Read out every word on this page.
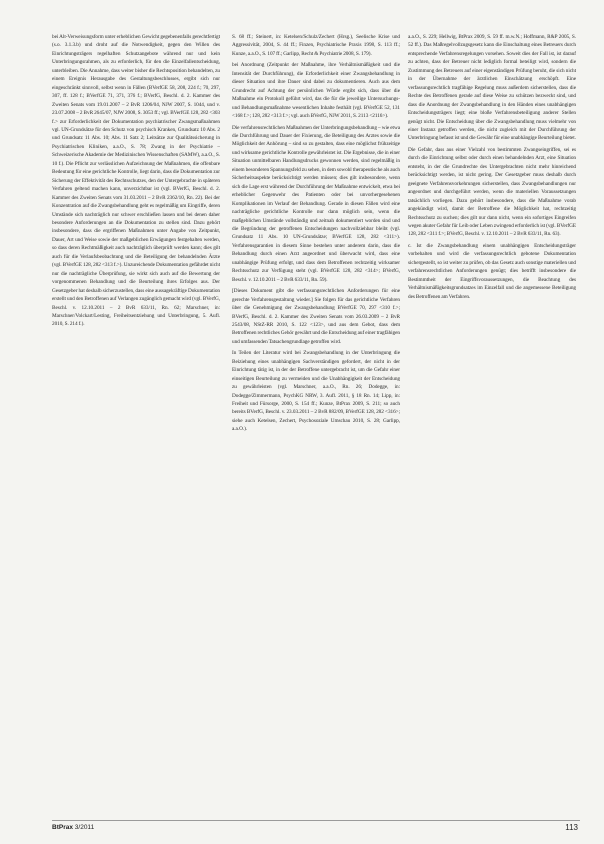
bei Alt-Verweisungsform unter erheblichen Gewicht gegebenenfalls gerechtfertigt (s.o. 3.1.3.b) und droht auf die Notwendigkeit, gegen den Willen des Einrichtungsträgers regelhaften Schutzangebote während nur und kein Unterbringungsrahmen, als zu erforderlich, für den die Einzelfallentscheidung, unterbleiben. Die Annahme, dass weiter bisher die Rechtsposition behandelten, zu einem Ereignis Herausgabe des Gestaltungsbeschlusses, ergibt sich nur eingeschränkt sinnvoll, selbst wenn in Fällen (BVerfGE 58, 208, 224 f.; 70, 297, 307, ff. 128 f.; BVerfGE 71, 371, 376 f.; BVerfG, Beschl. d. 2. Kammer des Zweiten Senats vom 19.01.2007 – 2 BvR 1206/04, NJW 2007, S. 1044, und v. 23.07.2008 – 2 BvR 2645/07, NJW 2008, S. 3053 ff.; vgl. BVerfGE 128, 282 <303 f.> zur Erforderlichkeit der Dokumentation psychiatrischer Zwangsmaßnahmen vgl. UN-Grundsätze für den Schutz von psychisch Kranken, Grundsatz 10 Abs. 2 und Grundsatz 11 Abs. 10; Abs. 11 Satz 2; Leitsätze zur Qualitätssicherung in Psychiatrischen Kliniken, a.a.O., S. 78; Zwang in der Psychiatrie – Schweizerische Akademie der Medizinischen Wissenschaften (SAMW), a.a.O., S. 10 f.). Die Pflicht zur verlässlichen Aufzeichnung der Maßnahmen, die offenbare Bedeutung für eine gerichtliche Kontrolle, liegt darin, dass die Dokumentation zur Sicherung der Effektivität des Rechtsschutzes, den der Untergebrachte in späteren Verfahren geltend machen kann, unverzichtbar ist (vgl. BVerfG, Beschl. d. 2. Kammer des Zweiten Senats vom 31.03.2011 – 2 BvR 2362/10, Rn. 22). Bei der Konzentration auf die Zwangsbehandlung geht es regelmäßig um Eingriffe, deren Umstände sich nachträglich nur schwer erschließen lassen und bei denen daher besondere Anforderungen an die Dokumentation zu stellen sind. Dazu gehört insbesondere, dass die ergriffenen Maßnahmen unter Angabe von Zeitpunkt, Dauer, Art und Weise sowie der maßgeblichen Erwägungen festgehalten werden, so dass deren Rechtmäßigkeit auch nachträglich überprüft werden kann; dies gilt auch für die Verlaufsbeobachtung und die Beteiligung der behandelnden Ärzte (vgl. BVerfGE 128, 282 <313 f.>). Unzureichende Dokumentation gefährdet nicht nur die nachträgliche Überprüfung, sie wirkt sich auch auf die Bewertung der vorgenommenen Behandlung und die Beurteilung ihres Erfolges aus. Der Gesetzgeber hat deshalb sicherzustellen, dass eine aussagekräftige Dokumentation erstellt und den Betroffenen auf Verlangen zugänglich gemacht wird (vgl. BVerfG, Beschl. v. 12.10.2011 – 2 BvR 633/11, Rn. 62; Marschner, in: Marschner/Volckart/Lesting, Freiheitsentziehung und Unterbringung, 5. Aufl. 2010, S. 214 f.).

S. 68 ff.; Steinert, in: Ketelsen/Schulz/Zechert (Hrsg.), Seelische Krise und Aggressivität, 2004, S. 44 ff.; Finzen, Psychiatrische Praxis 1998, S. 113 ff.; Kunze, a.a.O., S. 107 ff.; Garlipp, Recht & Psychiatrie 2008, S. 179).

bei Anordnung (Zeitpunkt der Maßnahme, ihre Verhältnismäßigkeit und die Intensität der Durchführung), die Erforderlichkeit einer Zwangsbehandlung in dieser Situation und ihre Dauer sind dabei zu dokumentieren. Auch aus dem Grundrecht auf Achtung der persönlichen Würde ergibt sich, dass über die Maßnahme ein Protokoll geführt wird, das die für die jeweilige Untersuchungs- und Behandlungsmaßnahme wesentlichen Inhalte festhält (vgl. BVerfGE 52, 131 <168 f.>; 128, 282 <313 f.>; vgl. auch BVerfG, NJW 2011, S. 2113 <2116>).

Die verfahrensrechtlichen Maßnahmen der Unterbringungsbehandlung – wie etwa die Durchführung und Dauer der Fixierung, die Beteiligung des Arztes sowie die Möglichkeit der Anhörung – sind so zu gestalten, dass eine möglichst frühzeitige und wirksame gerichtliche Kontrolle gewährleistet ist. Die Ergebnisse, die in einer Situation unmittelbaren Handlungsdrucks gewonnen werden, sind regelmäßig in einem besonderen Spannungsfeld zu sehen, in dem sowohl therapeutische als auch Sicherheitsaspekte berücksichtigt werden müssen; dies gilt insbesondere, wenn sich die Lage erst während der Durchführung der Maßnahme entwickelt, etwa bei erheblicher Gegenwehr des Patienten oder bei unvorhergesehenen Komplikationen im Verlauf der Behandlung. Gerade in diesen Fällen wird eine nachträgliche gerichtliche Kontrolle nur dann möglich sein, wenn die maßgeblichen Umstände vollständig und zeitnah dokumentiert worden sind und die Begründung der getroffenen Entscheidungen nachvollziehbar bleibt (vgl. Grundsatz 11 Abs. 10 UN-Grundsätze; BVerfGE 128, 282 <311>). Verfahrensgarantien in diesem Sinne bestehen unter anderem darin, dass die Behandlung durch einen Arzt angeordnet und überwacht wird, dass eine unabhängige Prüfung erfolgt, und dass dem Betroffenen rechtzeitig wirksamer Rechtsschutz zur Verfügung steht (vgl. BVerfGE 128, 282 <314>; BVerfG, Beschl. v. 12.10.2011 – 2 BvR 633/11, Rn. 59).

[Dieses Dokument gibt die verfassungsrechtlichen Anforderungen für eine gerechte Verfahrensgestaltung wieder.] Sie folgen für das gerichtliche Verfahren über die Genehmigung der Zwangsbehandlung BVerfGE 70, 297 <310 f.>; BVerfG, Beschl. d. 2. Kammer des Zweiten Senats vom 26.03.2009 – 2 BvR 2543/08, NStZ-RR 2010, S. 122 <123>, und aus dem Gebot, dass dem Betroffenen rechtliches Gehör gewährt und die Entscheidung auf einer tragfähigen und umfassenden Tatsachengrundlage getroffen wird.

In Teilen der Literatur wird bei Zwangsbehandlung in der Unterbringung die Beiziehung eines unabhängigen Sachverständigen gefordert, der nicht in der Einrichtung tätig ist, in der der Betroffene untergebracht ist, um die Gefahr einer einseitigen Beurteilung zu vermeiden und die Unabhängigkeit der Entscheidung zu gewährleisten (vgl. Marschner, a.a.O., Rn. 26; Dodegge, in: Dodegge/Zimmermann, PsychKG NRW, 3. Aufl. 2011, § 18 Rn. 14; Lipp, in: Freiheit und Fürsorge, 2000, S. 154 ff.; Kunze, BtPrax 2009, S. 211; so auch bereits BVerfG, Beschl. v. 23.03.2011 – 2 BvR 882/09, BVerfGE 128, 282 <316>; siehe auch Ketelsen, Zechert, Psychosoziale Umschau 2010, S. 28; Garlipp, a.a.O.).

a.a.O., S. 229; Hellwig, BtPrax 2009, S. 59 ff. m.w.N.; Hoffmann, R&P 2005, S. 52 ff.). Das Maßregelvollzugsgesetz kann die Einschaltung eines Betreuers durch entsprechende Verfahrensregelungen vorsehen. Soweit dies der Fall ist, ist darauf zu achten, dass der Betreuer nicht lediglich formal beteiligt wird, sondern die Zustimmung des Betreuers auf einer eigenständigen Prüfung beruht, die sich nicht in der Übernahme der ärztlichen Einschätzung erschöpft. Eine verfassungsrechtlich tragfähige Regelung muss außerdem sicherstellen, dass die Rechte des Betroffenen gerade auf diese Weise zu schützen bezweckt sind, und dass die Anordnung der Zwangsbehandlung in den Händen eines unabhängigen Entscheidungsträgers liegt; eine bloße Verfahrensbeteiligung anderer Stellen genügt nicht. Die Entscheidung über die Zwangsbehandlung muss vielmehr von einer Instanz getroffen werden, die nicht zugleich mit der Durchführung der Unterbringung befasst ist und die Gewähr für eine unabhängige Beurteilung bietet.

Die Gefahr, dass aus einer Vielzahl von bestimmten Zwangseingriffen, sei es durch die Einrichtung selbst oder durch einen behandelnden Arzt, eine Situation entsteht, in der die Grundrechte des Untergebrachten nicht mehr hinreichend berücksichtigt werden, ist nicht gering. Der Gesetzgeber muss deshalb durch geeignete Verfahrensvorkehrungen sicherstellen, dass Zwangsbehandlungen nur angeordnet und durchgeführt werden, wenn die materiellen Voraussetzungen tatsächlich vorliegen. Dazu gehört insbesondere, dass die Maßnahme vorab angekündigt wird, damit der Betroffene die Möglichkeit hat, rechtzeitig Rechtsschutz zu suchen; dies gilt nur dann nicht, wenn ein sofortiges Eingreifen wegen akuter Gefahr für Leib oder Leben zwingend erforderlich ist (vgl. BVerfGE 128, 282 <311 f.>; BVerfG, Beschl. v. 12.10.2011 – 2 BvR 633/11, Rn. 63).

c. Ist die Zwangsbehandlung einem unabhängigen Entscheidungsträger vorbehalten und wird die verfassungsrechtlich gebotene Dokumentation sichergestellt, so ist weiter zu prüfen, ob das Gesetz auch sonstige materiellen und verfahrensrechtlichen Anforderungen genügt; dies betrifft insbesondere die Bestimmtheit der Eingriffsvoraussetzungen, die Beachtung des Verhältnismäßigkeitsgrundsatzes im Einzelfall und die angemessene Beteiligung des Betroffenen am Verfahren.

BtPrax 3/2011	113
